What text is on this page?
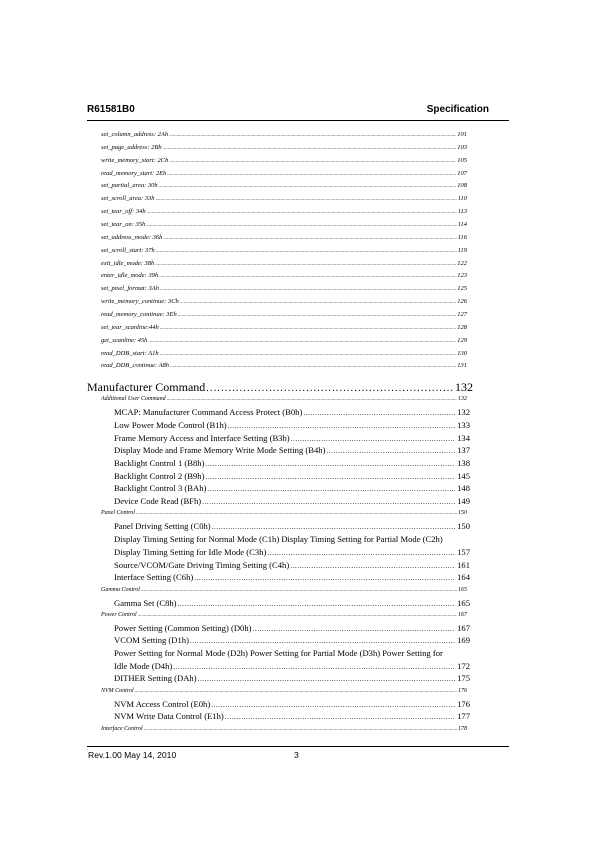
R61581B0	Specification
set_column_address: 2Ah .....	101
set_page_address: 2Bh .....	103
write_memory_start: 2Ch .....	105
read_memory_start: 2Eh .....	107
set_partial_area: 30h .....	108
set_scroll_area: 33h .....	110
set_tear_off: 34h .....	113
set_tear_on: 35h .....	114
set_address_mode: 36h .....	116
set_scroll_start: 37h .....	119
exit_idle_mode: 38h .....	122
enter_idle_mode: 39h .....	123
set_pixel_format: 3Ah .....	125
write_memory_continue: 3Ch .....	126
read_memory_continue: 3Eh .....	127
set_tear_scanline:44h .....	128
get_scanline: 45h .....	129
read_DDB_start: A1h .....	130
read_DDB_continue: A8h .....	131
Manufacturer Command .....	132
Additional User Command .....	132
MCAP: Manufacturer Command Access Protect (B0h) .....	132
Low Power Mode Control (B1h) .....	133
Frame Memory Access and Interface Setting (B3h) .....	134
Display Mode and Frame Memory Write Mode Setting (B4h) .....	137
Backlight Control 1 (B8h) .....	138
Backlight Control 2 (B9h) .....	145
Backlight Control 3 (BAh) .....	148
Device Code Read (BFh) .....	149
Panel Control .....	150
Panel Driving Setting (C0h) .....	150
Display Timing Setting for Normal Mode (C1h) Display Timing Setting for Partial Mode (C2h)
Display Timing Setting for Idle Mode (C3h) .....	157
Source/VCOM/Gate Driving Timing Setting (C4h) .....	161
Interface Setting (C6h) .....	164
Gamma Control .....	165
Gamma Set (C8h) .....	165
Power Control .....	167
Power Setting (Common Setting) (D0h) .....	167
VCOM Setting (D1h) .....	169
Power Setting for Normal Mode (D2h) Power Setting for Partial Mode (D3h) Power Setting for
Idle Mode (D4h) .....	172
DITHER Setting (DAh) .....	175
NVM Control .....	176
NVM Access Control (E0h) .....	176
NVM Write Data Control (E1h) .....	177
Interface Control .....	178
Rev.1.00 May 14, 2010	3
